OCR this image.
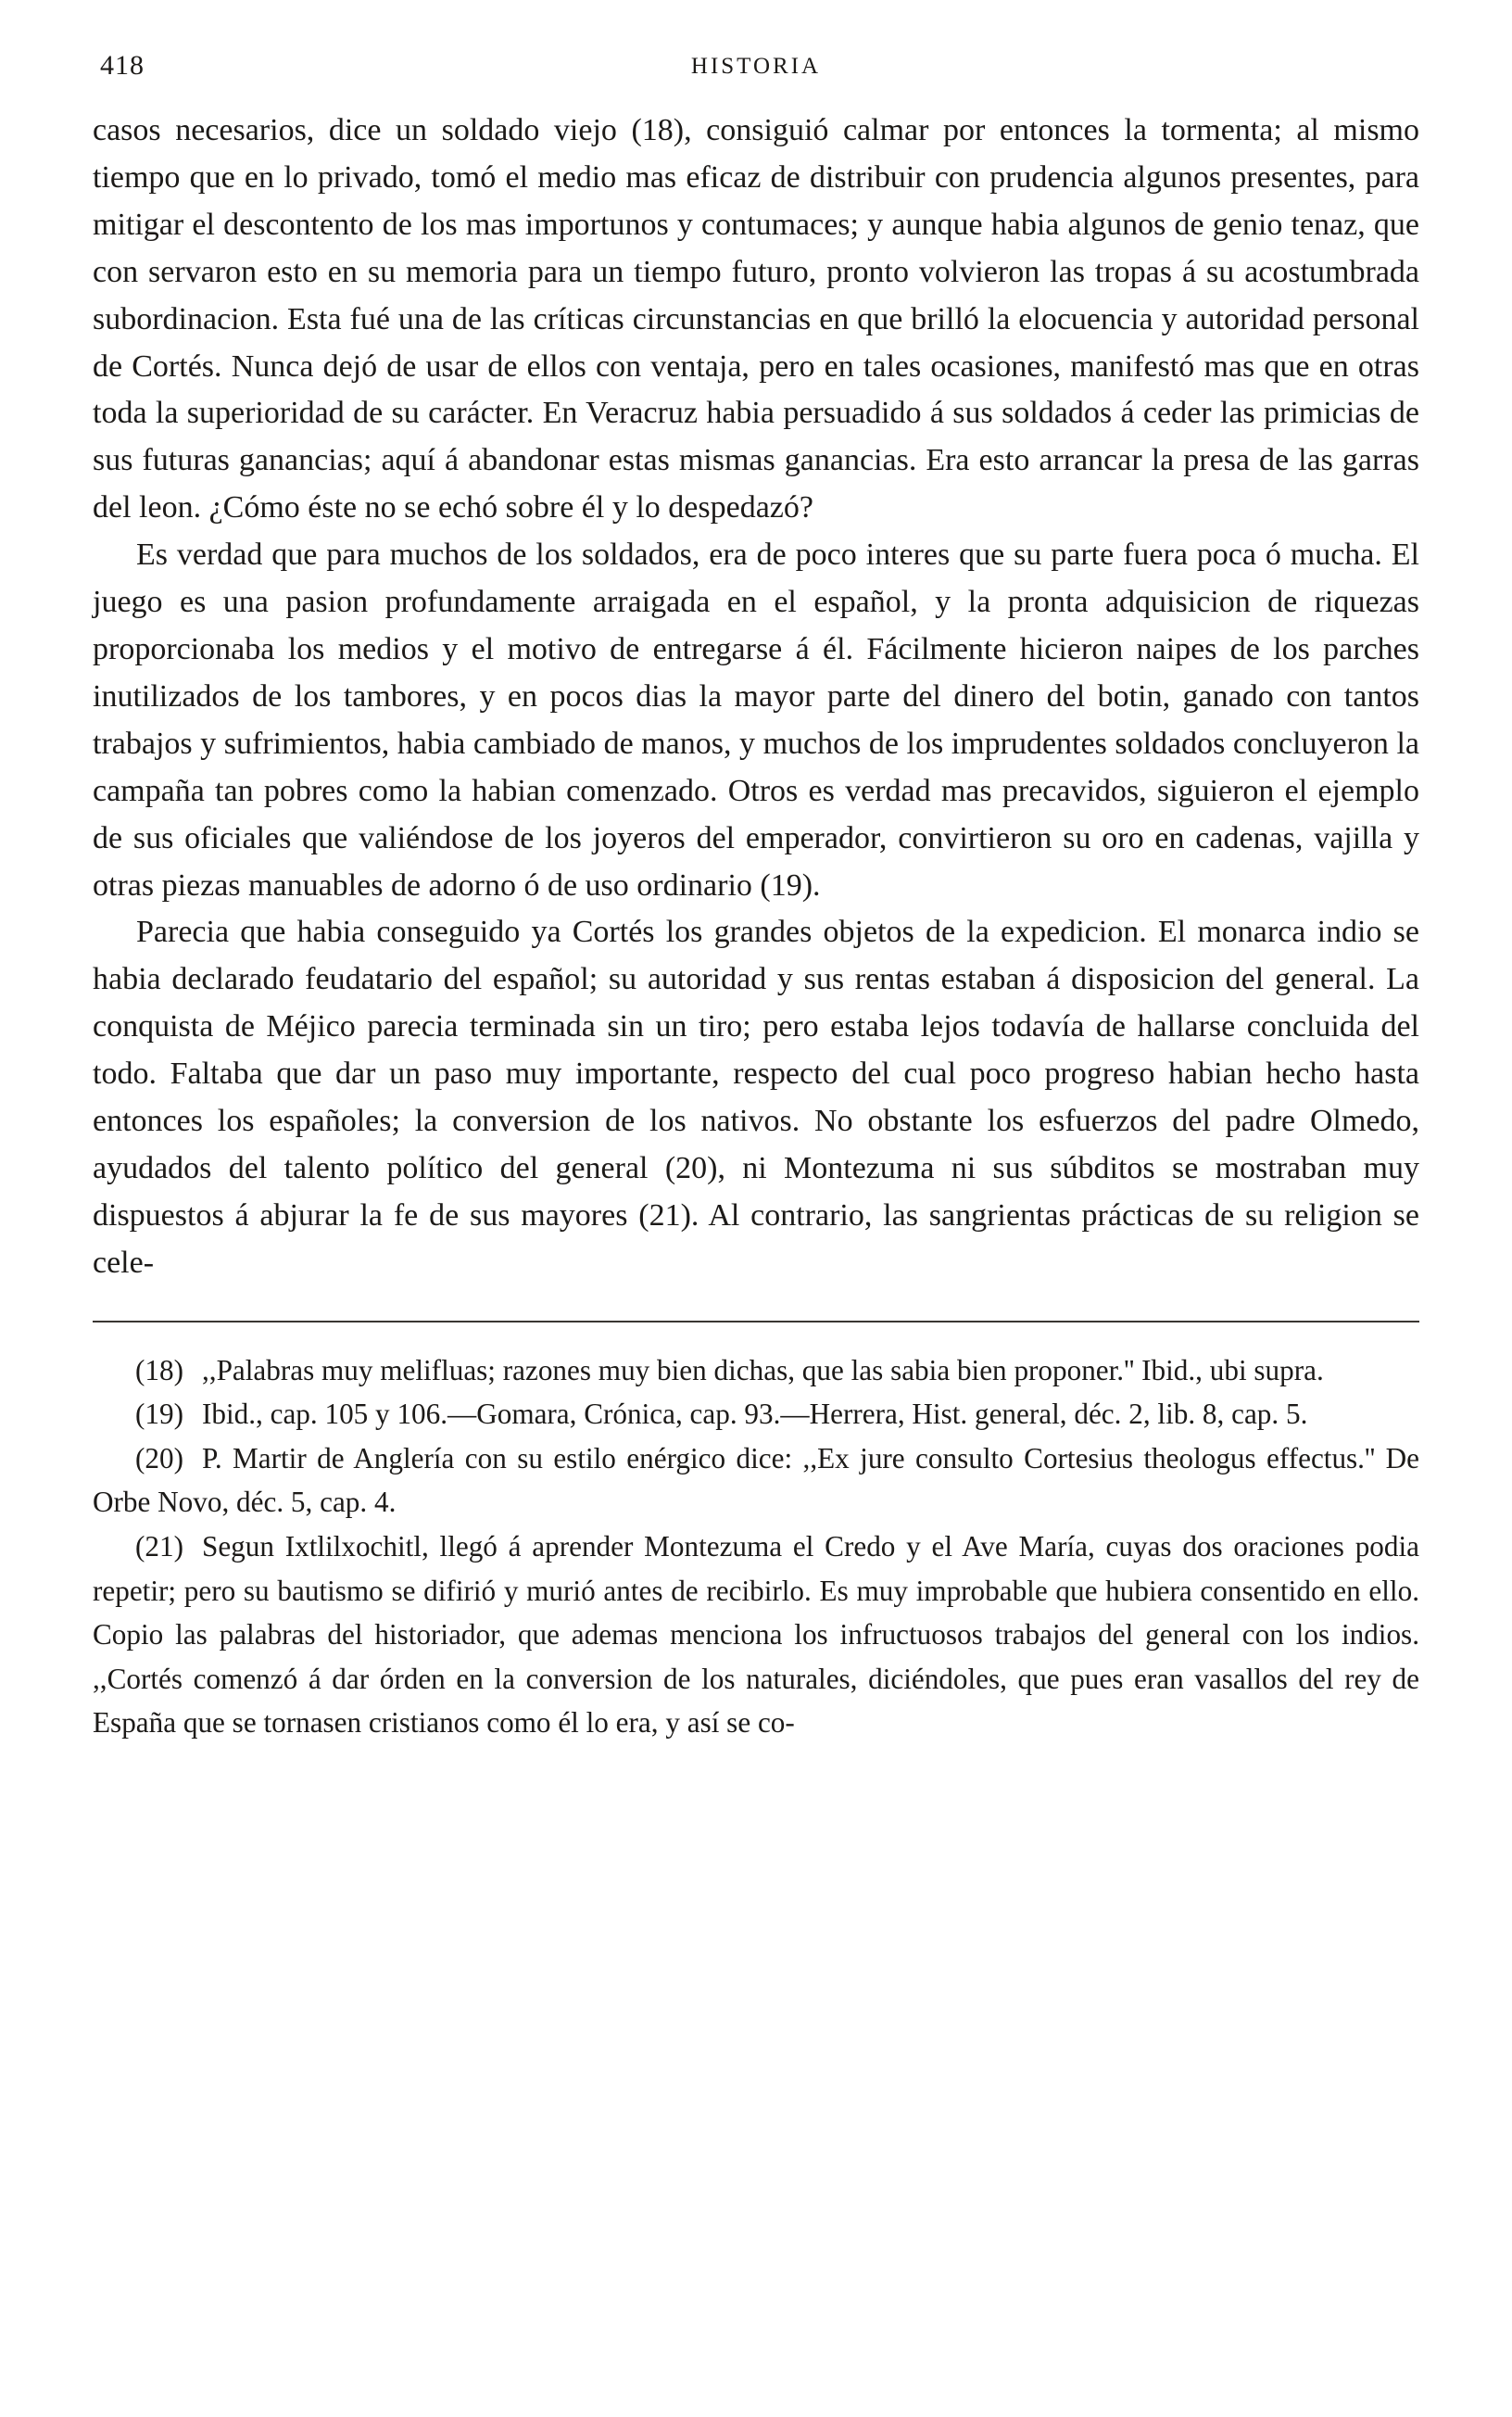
418	HISTORIA

casos necesarios, dice un soldado viejo (18), consiguió calmar por entonces la tormenta; al mismo tiempo que en lo privado, tomó el medio mas eficaz de distribuir con prudencia algunos presentes, para mitigar el descontento de los mas importunos y contumaces; y aunque habia algunos de genio tenaz, que con servaron esto en su memoria para un tiempo futuro, pronto volvieron las tropas á su acostumbrada subordinacion. Esta fué una de las críticas circunstancias en que brilló la elocuencia y autoridad personal de Cortés. Nunca dejó de usar de ellos con ventaja, pero en tales ocasiones, manifestó mas que en otras toda la superioridad de su carácter. En Veracruz habia persuadido á sus soldados á ceder las primicias de sus futuras ganancias; aquí á abandonar estas mismas ganancias. Era esto arrancar la presa de las garras del leon. ¿Cómo éste no se echó sobre él y lo despedazó?

Es verdad que para muchos de los soldados, era de poco interes que su parte fuera poca ó mucha. El juego es una pasion profundamente arraigada en el español, y la pronta adquisicion de riquezas proporcionaba los medios y el motivo de entregarse á él. Fácilmente hicieron naipes de los parches inutilizados de los tambores, y en pocos dias la mayor parte del dinero del botin, ganado con tantos trabajos y sufrimientos, habia cambiado de manos, y muchos de los imprudentes soldados concluyeron la campaña tan pobres como la habian comenzado. Otros es verdad mas precavidos, siguieron el ejemplo de sus oficiales que valiéndose de los joyeros del emperador, convirtieron su oro en cadenas, vajilla y otras piezas manuables de adorno ó de uso ordinario (19).

Parecia que habia conseguido ya Cortés los grandes objetos de la expedicion. El monarca indio se habia declarado feudatario del español; su autoridad y sus rentas estaban á disposicion del general. La conquista de Méjico parecia terminada sin un tiro; pero estaba lejos todavía de hallarse concluida del todo. Faltaba que dar un paso muy importante, respecto del cual poco progreso habian hecho hasta entonces los españoles; la conversion de los nativos. No obstante los esfuerzos del padre Olmedo, ayudados del talento político del general (20), ni Montezuma ni sus súbditos se mostraban muy dispuestos á abjurar la fe de sus mayores (21). Al contrario, las sangrientas prácticas de su religion se cele-

(18) ,,Palabras muy melifluas; razones muy bien dichas, que las sabia bien proponer.'' Ibid., ubi supra.

(19) Ibid., cap. 105 y 106.—Gomara, Crónica, cap. 93.—Herrera, Hist. general, déc. 2, lib. 8, cap. 5.

(20) P. Martir de Anglería con su estilo enérgico dice: ,,Ex jure consulto Cortesius theologus effectus.'' De Orbe Novo, déc. 5, cap. 4.

(21) Segun Ixtlilxochitl, llegó á aprender Montezuma el Credo y el Ave María, cuyas dos oraciones podia repetir; pero su bautismo se difirió y murió antes de recibirlo. Es muy improbable que hubiera consentido en ello. Copio las palabras del historiador, que ademas menciona los infructuosos trabajos del general con los indios. ,,Cortés comenzó á dar órden en la conversion de los naturales, diciéndoles, que pues eran vasallos del rey de España que se tornasen cristianos como él lo era, y así se co-
